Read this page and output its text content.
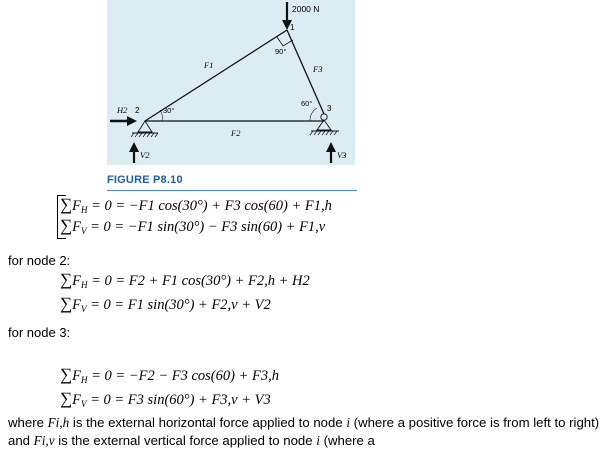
2000 N
1
90°
H2 2	30°
V2
3
60°
V3
F1	F3
F2
FIGURE P8.10
$\sum F_H = 0 = -F1$ cos(30°) + F3 cos(60) + F1,h
$\sum F_V = 0 = -F1$ sin(30°) − F3 sin(60) + F1,v
for node 2:
$\sum F_H = 0 = F2 + F1$ cos(30°) + F2,h + H2
$\sum F_V = 0 = F1$ sin(30°) + F2,v + V2
for node 3:
$\sum F_H = 0 = -F2 - F3$ cos(60) + F3,h
$\sum F_V = 0 = F3$ sin(60°) + F3,v + V3
where Fi,h is the external horizontal force applied to node i (where a positive force is from left to right) and Fi,v is the external vertical force applied to node i (where a
